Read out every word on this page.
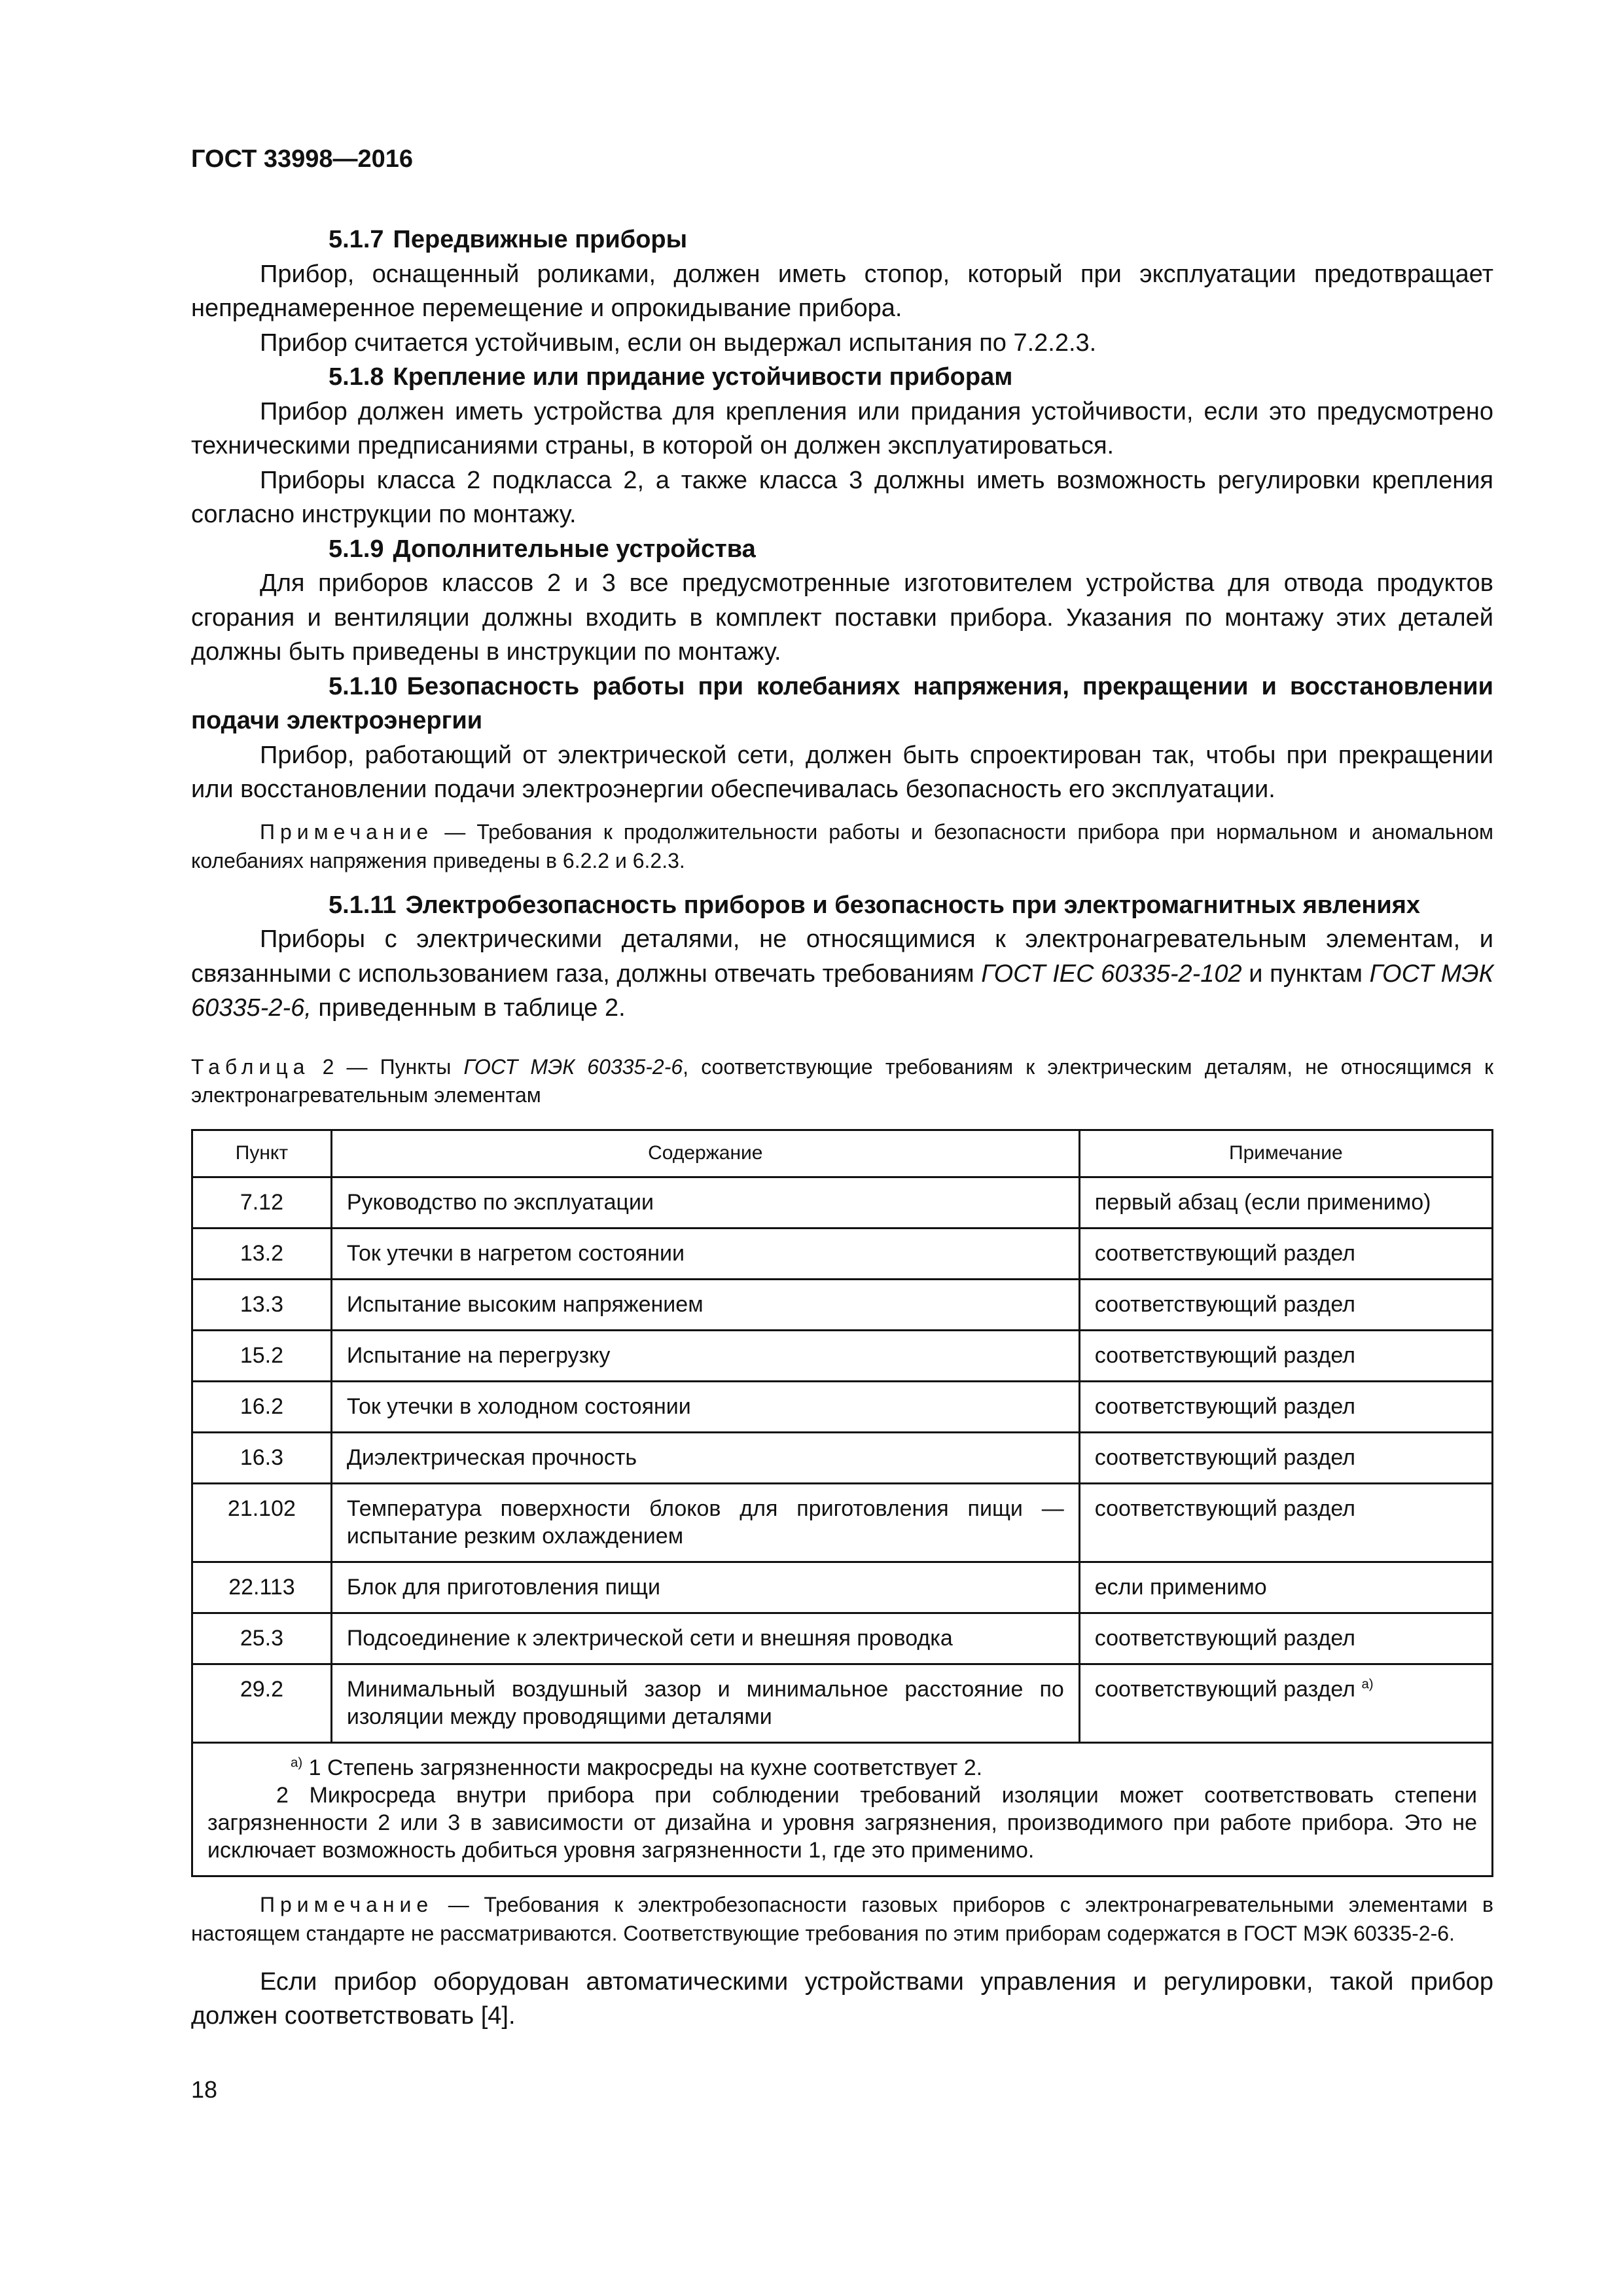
ГОСТ 33998—2016

5.1.7 Передвижные приборы

Прибор, оснащенный роликами, должен иметь стопор, который при эксплуатации предотвращает непреднамеренное перемещение и опрокидывание прибора.

Прибор считается устойчивым, если он выдержал испытания по 7.2.2.3.

5.1.8 Крепление или придание устойчивости приборам

Прибор должен иметь устройства для крепления или придания устойчивости, если это предусмотрено техническими предписаниями страны, в которой он должен эксплуатироваться.

Приборы класса 2 подкласса 2, а также класса 3 должны иметь возможность регулировки крепления согласно инструкции по монтажу.

5.1.9 Дополнительные устройства

Для приборов классов 2 и 3 все предусмотренные изготовителем устройства для отвода продуктов сгорания и вентиляции должны входить в комплект поставки прибора. Указания по монтажу этих деталей должны быть приведены в инструкции по монтажу.

5.1.10 Безопасность работы при колебаниях напряжения, прекращении и восстановлении подачи электроэнергии

Прибор, работающий от электрической сети, должен быть спроектирован так, чтобы при прекращении или восстановлении подачи электроэнергии обеспечивалась безопасность его эксплуатации.

Примечание — Требования к продолжительности работы и безопасности прибора при нормальном и аномальном колебаниях напряжения приведены в 6.2.2 и 6.2.3.

5.1.11 Электробезопасность приборов и безопасность при электромагнитных явлениях

Приборы с электрическими деталями, не относящимися к электронагревательным элементам, и связанными с использованием газа, должны отвечать требованиям ГОСТ IEC 60335-2-102 и пунктам ГОСТ МЭК 60335-2-6, приведенным в таблице 2.

Таблица 2 — Пункты ГОСТ МЭК 60335-2-6, соответствующие требованиям к электрическим деталям, не относящимся к электронагревательным элементам

Пункт	Содержание	Примечание
7.12	Руководство по эксплуатации	первый абзац (если применимо)
13.2	Ток утечки в нагретом состоянии	соответствующий раздел
13.3	Испытание высоким напряжением	соответствующий раздел
15.2	Испытание на перегрузку	соответствующий раздел
16.2	Ток утечки в холодном состоянии	соответствующий раздел
16.3	Диэлектрическая прочность	соответствующий раздел
21.102	Температура поверхности блоков для приготовления пищи — испытание резким охлаждением	соответствующий раздел
22.113	Блок для приготовления пищи	если применимо
25.3	Подсоединение к электрической сети и внешняя проводка	соответствующий раздел
29.2	Минимальный воздушный зазор и минимальное расстояние по изоляции между проводящими деталями	соответствующий раздел $^{а)}$

$^{а)}$ 1 Степень загрязненности макросреды на кухне соответствует 2.

2 Микросреда внутри прибора при соблюдении требований изоляции может соответствовать степени загрязненности 2 или 3 в зависимости от дизайна и уровня загрязнения, производимого при работе прибора. Это не исключает возможность добиться уровня загрязненности 1, где это применимо.		

Примечание — Требования к электробезопасности газовых приборов с электронагревательными элементами в настоящем стандарте не рассматриваются. Соответствующие требования по этим приборам содержатся в ГОСТ МЭК 60335-2-6.

Если прибор оборудован автоматическими устройствами управления и регулировки, такой прибор должен соответствовать [4].

18
